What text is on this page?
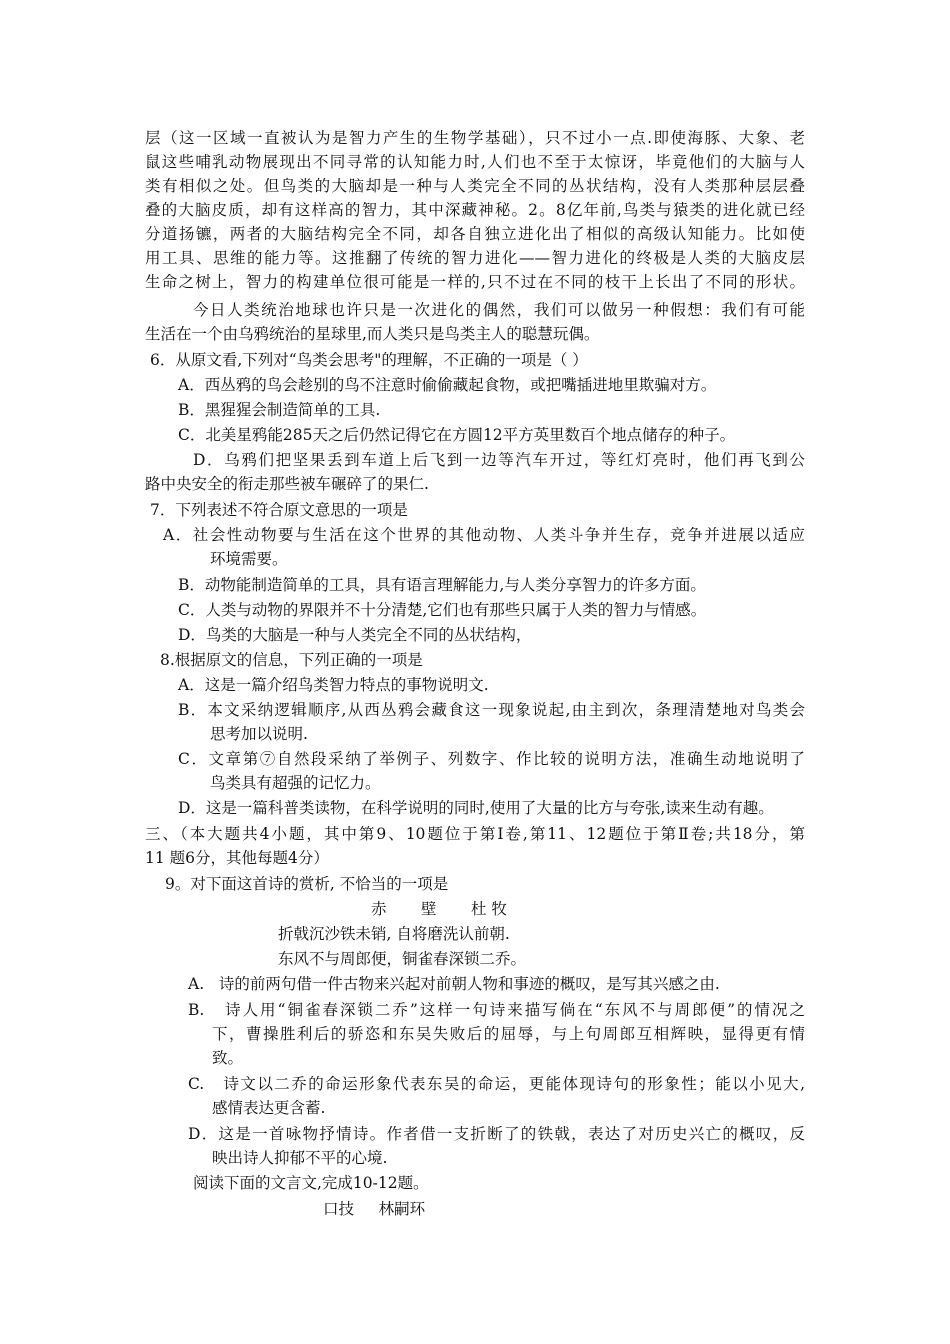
层（这一区域一直被认为是智力产生的生物学基础），只不过小一点.即使海豚、大象、老
鼠这些哺乳动物展现出不同寻常的认知能力时,人们也不至于太惊讶，毕竟他们的大脑与人
类有相似之处。但鸟类的大脑却是一种与人类完全不同的丛状结构，没有人类那种层层叠
叠的大脑皮质，却有这样高的智力，其中深藏神秘。2。8亿年前,鸟类与猿类的进化就已经
分道扬镳，两者的大脑结构完全不同，却各自独立进化出了相似的高级认知能力。比如使
用工具、思维的能力等。这推翻了传统的智力进化——智力进化的终极是人类的大脑皮层
生命之树上，智力的构建单位很可能是一样的,只不过在不同的枝干上长出了不同的形状。
今日人类统治地球也许只是一次进化的偶然，我们可以做另一种假想：我们有可能
生活在一个由乌鸦统治的星球里,而人类只是鸟类主人的聪慧玩偶。
6．从原文看,下列对“鸟类会思考"的理解，不正确的一项是（ ）
A．西丛鸦的鸟会趁别的鸟不注意时偷偷藏起食物，或把嘴插进地里欺骗对方。
B．黑猩猩会制造简单的工具.
C．北美星鸦能285天之后仍然记得它在方圆12平方英里数百个地点储存的种子。
D．乌鸦们把坚果丢到车道上后飞到一边等汽车开过，等红灯亮时，他们再飞到公
路中央安全的衔走那些被车碾碎了的果仁.
7．下列表述不符合原文意思的一项是
A．社会性动物要与生活在这个世界的其他动物、人类斗争并生存，竞争并进展以适应
环境需要。
B．动物能制造简单的工具，具有语言理解能力,与人类分享智力的许多方面。
C．人类与动物的界限并不十分清楚,它们也有那些只属于人类的智力与情感。
D．鸟类的大脑是一种与人类完全不同的丛状结构，
8.根据原文的信息，下列正确的一项是
A．这是一篇介绍鸟类智力特点的事物说明文.
B．本文采纳逻辑顺序,从西丛鸦会藏食这一现象说起,由主到次，条理清楚地对鸟类会
思考加以说明.
C．文章第⑦自然段采纳了举例子、列数字、作比较的说明方法，准确生动地说明了
鸟类具有超强的记忆力。
D．这是一篇科普类读物，在科学说明的同时,使用了大量的比方与夸张,读来生动有趣。
三、（本大题共4小题，其中第9、10题位于第Ⅰ卷,第11、12题位于第Ⅱ卷;共18分，第
11 题6分，其他每题4分）
9。对下面这首诗的赏析, 不恰当的一项是
赤       壁       杜 牧
折戟沉沙铁未销, 自将磨洗认前朝.
东风不与周郎便，铜雀春深锁二乔。
A.   诗的前两句借一件古物来兴起对前朝人物和事迹的概叹，是写其兴感之由.
B.   诗人用“铜雀春深锁二乔”这样一句诗来描写倘在“东风不与周郎便”的情况之
下，曹操胜利后的骄恣和东吴失败后的屈辱，与上句周郎互相辉映，显得更有情
致。
C.   诗文以二乔的命运形象代表东吴的命运，更能体现诗句的形象性；能以小见大,
感情表达更含蓄.
D．这是一首咏物抒情诗。作者借一支折断了的铁戟，表达了对历史兴亡的概叹，反
映出诗人抑郁不平的心境.
阅读下面的文言文,完成10-12题。
口技     林嗣环
